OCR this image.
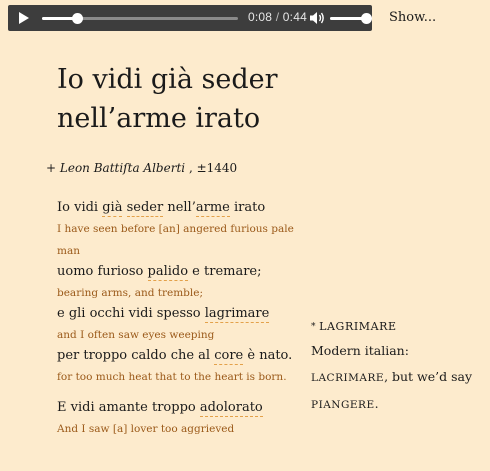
0:08 / 0:44	Show...
Io vidi già seder
nell’arme irato
+ Leon Battiſta Alberti , ±1440
Io vidi già seder nell’arme irato
I have seen before [an] angered furious pale man
uomo furioso palido e tremare;
bearing arms, and tremble;
e gli occhi vidi spesso lagrimare
and I often saw eyes weeping
per troppo caldo che al core è nato.
for too much heat that to the heart is born.
E vidi amante troppo adolorato
And I saw [a] lover too aggrieved
* LAGRIMARE
Modern italian:
LACRIMARE, but we’d say
PIANGERE.
